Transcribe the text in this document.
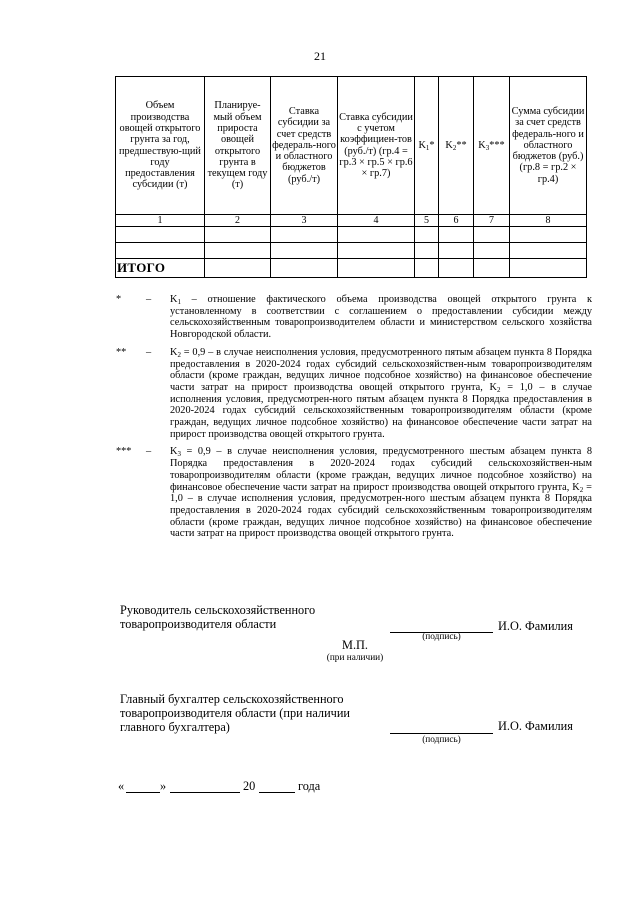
21
Объем производства овощей открытого грунта за год, предшествую-щий году предоставления субсидии (т)	Планируе-мый объем прироста овощей открытого грунта в текущем году (т)	Ставка субсидии за счет средств федераль-ного и областного бюджетов (руб./т)	Ставка субсидии с учетом коэффициен-тов (руб./т) (гр.4 = гр.3 × гр.5 × гр.6 × гр.7)	$K_1*$	$K_2**$	$K_3***$	Сумма субсидии за счет средств федераль-ного и областного бюджетов (руб.) (гр.8 = гр.2 × гр.4)
1	2	3	4	5	6	7	8

ИТОГО							
*	–	$K_1$ – отношение фактического объема производства овощей открытого грунта к установленному в соответствии с соглашением о предоставлении субсидии между сельскохозяйственным товаропроизводителем области и министерством сельского хозяйства Новгородской области.
**	–	$K_2 = 0,9 - в$ случае неисполнения условия, предусмотренного пятым абзацем пункта 8 Порядка предоставления в 2020-2024 годах субсидий сельскохозяйствен-ным товаропроизводителям области (кроме граждан, ведущих личное подсобное хозяйство) на финансовое обеспечение части затрат на прирост производства овощей открытого грунта, $K_2 = 1,0 - в$ случае исполнения условия, предусмотрен-ного пятым абзацем пункта 8 Порядка предоставления в 2020-2024 годах субсидий сельскохозяйственным товаропроизводителям области (кроме граждан, ведущих личное подсобное хозяйство) на финансовое обеспечение части затрат на прирост производства овощей открытого грунта.
***	–	$K_3 = 0,9 - в$ случае неисполнения условия, предусмотренного шестым абзацем пункта 8 Порядка предоставления в 2020-2024 годах субсидий сельскохозяйствен-ным товаропроизводителям области (кроме граждан, ведущих личное подсобное хозяйство) на финансовое обеспечение части затрат на прирост производства овощей открытого грунта, $K_2 = 1,0 - в$ случае исполнения условия, предусмотрен-ного шестым абзацем пункта 8 Порядка предоставления в 2020-2024 годах субсидий сельскохозяйственным товаропроизводителям области (кроме граждан, ведущих личное подсобное хозяйство) на финансовое обеспечение части затрат на прирост производства овощей открытого грунта.
Руководитель сельскохозяйственного товаропроизводителя области	И.О. Фамилия
(подпись)
М.П.
(при наличии)
Главный бухгалтер сельскохозяйственного товаропроизводителя области (при наличии главного бухгалтера)	И.О. Фамилия
(подпись)
«	»	20	года
